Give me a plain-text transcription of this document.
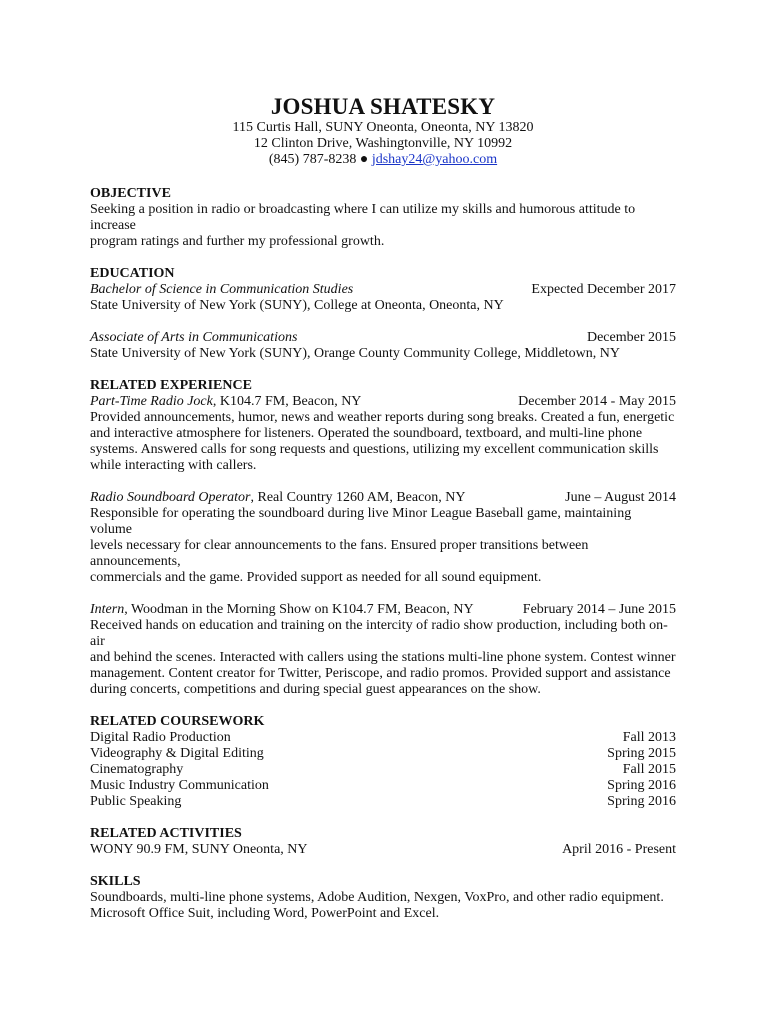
JOSHUA SHATESKY
115 Curtis Hall, SUNY Oneonta, Oneonta, NY 13820
12 Clinton Drive, Washingtonville, NY 10992
(845) 787-8238 ● jdshay24@yahoo.com
OBJECTIVE
Seeking a position in radio or broadcasting where I can utilize my skills and humorous attitude to increase
program ratings and further my professional growth.
EDUCATION
Bachelor of Science in Communication Studies	Expected December 2017
State University of New York (SUNY), College at Oneonta, Oneonta, NY
Associate of Arts in Communications	December 2015
State University of New York (SUNY), Orange County Community College, Middletown, NY
RELATED EXPERIENCE
Part-Time Radio Jock, K104.7 FM, Beacon, NY	December 2014 - May 2015
Provided announcements, humor, news and weather reports during song breaks. Created a fun, energetic
and interactive atmosphere for listeners. Operated the soundboard, textboard, and multi-line phone
systems. Answered calls for song requests and questions, utilizing my excellent communication skills
while interacting with callers.
Radio Soundboard Operator, Real Country 1260 AM, Beacon, NY	June – August 2014
Responsible for operating the soundboard during live Minor League Baseball game, maintaining volume
levels necessary for clear announcements to the fans. Ensured proper transitions between announcements,
commercials and the game. Provided support as needed for all sound equipment.
Intern, Woodman in the Morning Show on K104.7 FM, Beacon, NY	February 2014 – June 2015
Received hands on education and training on the intercity of radio show production, including both on-air
and behind the scenes. Interacted with callers using the stations multi-line phone system. Contest winner
management. Content creator for Twitter, Periscope, and radio promos. Provided support and assistance
during concerts, competitions and during special guest appearances on the show.
RELATED COURSEWORK
Digital Radio Production	Fall 2013
Videography & Digital Editing	Spring 2015
Cinematography	Fall 2015
Music Industry Communication	Spring 2016
Public Speaking	Spring 2016
RELATED ACTIVITIES
WONY 90.9 FM, SUNY Oneonta, NY	April 2016 - Present
SKILLS
Soundboards, multi-line phone systems, Adobe Audition, Nexgen, VoxPro, and other radio equipment.
Microsoft Office Suit, including Word, PowerPoint and Excel.
